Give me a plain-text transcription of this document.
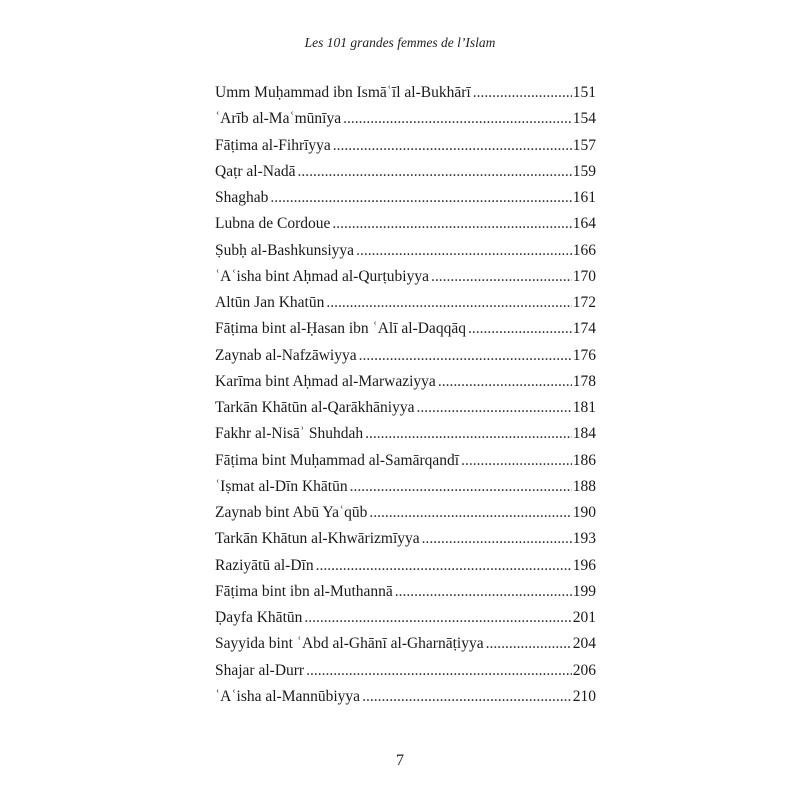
Les 101 grandes femmes de l’Islam
Umm Muḥammad ibn Ismāʿīl al-Bukhārī .....	151
ʿArīb al-Maʿmūnīya .....	154
Fāṭima al-Fihrīyya .....	157
Qaṭr al-Nadā .....	159
Shaghab .....	161
Lubna de Cordoue .....	164
Ṣubḥ al-Bashkunsiyya .....	166
ʿAʿisha bint Aḥmad al-Qurṭubiyya .....	170
Altūn Jan Khatūn .....	172
Fāṭima bint al-Ḥasan ibn ʿAlī al-Daqqāq .....	174
Zaynab al-Nafzāwiyya .....	176
Karīma bint Aḥmad al-Marwaziyya .....	178
Tarkān Khātūn al-Qarākhāniyya .....	181
Fakhr al-Nisāʾ Shuhdah .....	184
Fāṭima bint Muḥammad al-Samārqandī .....	186
ʿIṣmat al-Dīn Khātūn .....	188
Zaynab bint Abū Yaʿqūb .....	190
Tarkān Khātun al-Khwārizmīyya .....	193
Raziyātū al-Dīn .....	196
Fāṭima bint ibn al-Muthannā .....	199
Ḍayfa Khātūn .....	201
Sayyida bint ʿAbd al-Ghānī al-Gharnāṭiyya .....	204
Shajar al-Durr .....	206
ʿAʿisha al-Mannūbiyya .....	210
7
